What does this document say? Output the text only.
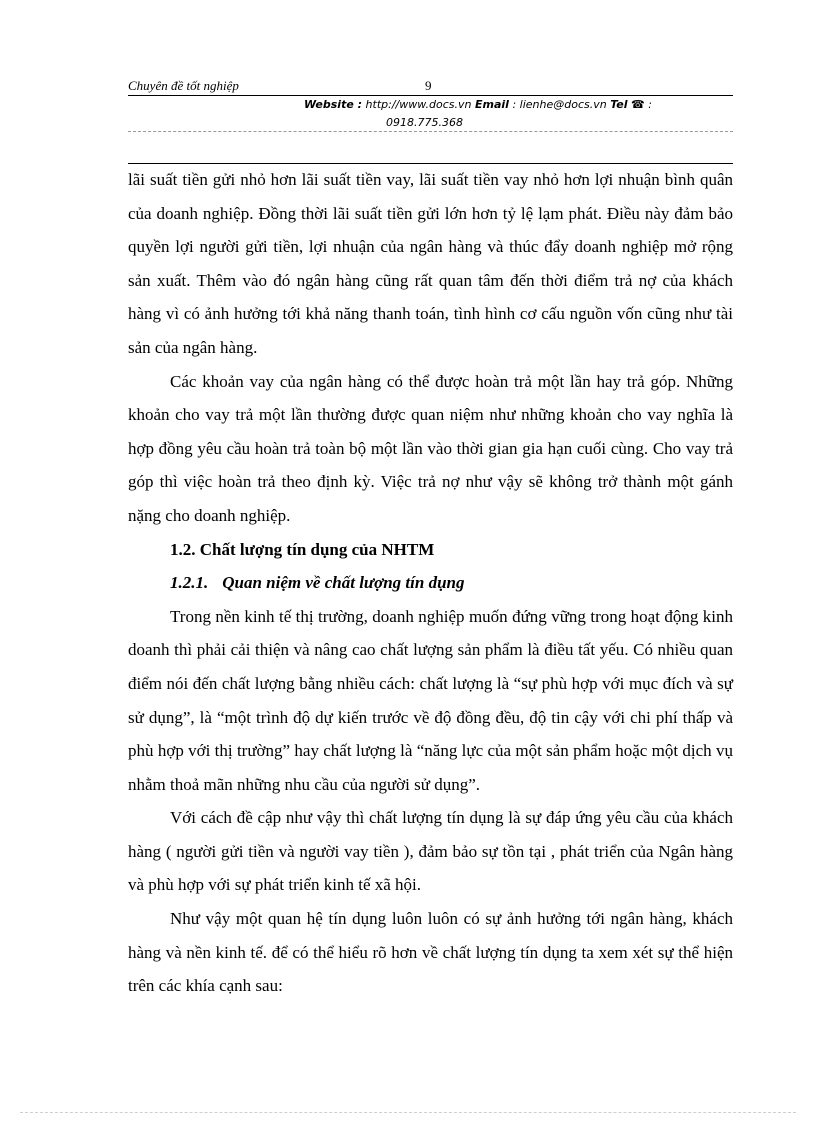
Chuyên đề tốt nghiệp	9
Website : http://www.docs.vn Email : lienhe@docs.vn Tel ☎ :
0918.775.368

lãi suất tiền gửi nhỏ hơn lãi suất tiền vay, lãi suất tiền vay nhỏ hơn lợi nhuận bình quân của doanh nghiệp. Đồng thời lãi suất tiền gửi lớn hơn tỷ lệ lạm phát. Điều này đảm bảo quyền lợi người gửi tiền, lợi nhuận của ngân hàng và thúc đẩy doanh nghiệp mở rộng sản xuất. Thêm vào đó ngân hàng cũng rất quan tâm đến thời điểm trả nợ của khách hàng vì có ảnh hưởng tới khả năng thanh toán, tình hình cơ cấu nguồn vốn cũng như tài sản của ngân hàng.

Các khoản vay của ngân hàng có thể được hoàn trả một lần hay trả góp. Những khoản cho vay trả một lần thường được quan niệm như những khoản cho vay nghĩa là hợp đồng yêu cầu hoàn trả toàn bộ một lần vào thời gian gia hạn cuối cùng. Cho vay trả góp thì việc hoàn trả theo định kỳ. Việc trả nợ như vậy sẽ không trở thành một gánh nặng cho doanh nghiệp.

1.2. Chất lượng tín dụng của NHTM

1.2.1. Quan niệm về chất lượng tín dụng

Trong nền kinh tế thị trường, doanh nghiệp muốn đứng vững trong hoạt động kinh doanh thì phải cải thiện và nâng cao chất lượng sản phẩm là điều tất yếu. Có nhiều quan điểm nói đến chất lượng bằng nhiều cách: chất lượng là “sự phù hợp với mục đích và sự sử dụng”, là “một trình độ dự kiến trước về độ đồng đều, độ tin cậy với chi phí thấp và phù hợp với thị trường” hay chất lượng là “năng lực của một sản phẩm hoặc một dịch vụ nhằm thoả mãn những nhu cầu của người sử dụng”.

Với cách đề cập như vậy thì chất lượng tín dụng là sự đáp ứng yêu cầu của khách hàng ( người gửi tiền và người vay tiền ), đảm bảo sự tồn tại , phát triển của Ngân hàng và phù hợp với sự phát triển kinh tế xã hội.

Như vậy một quan hệ tín dụng luôn luôn có sự ảnh hưởng tới ngân hàng, khách hàng và nền kinh tế. để có thể hiểu rõ hơn về chất lượng tín dụng ta xem xét sự thể hiện trên các khía cạnh sau:
